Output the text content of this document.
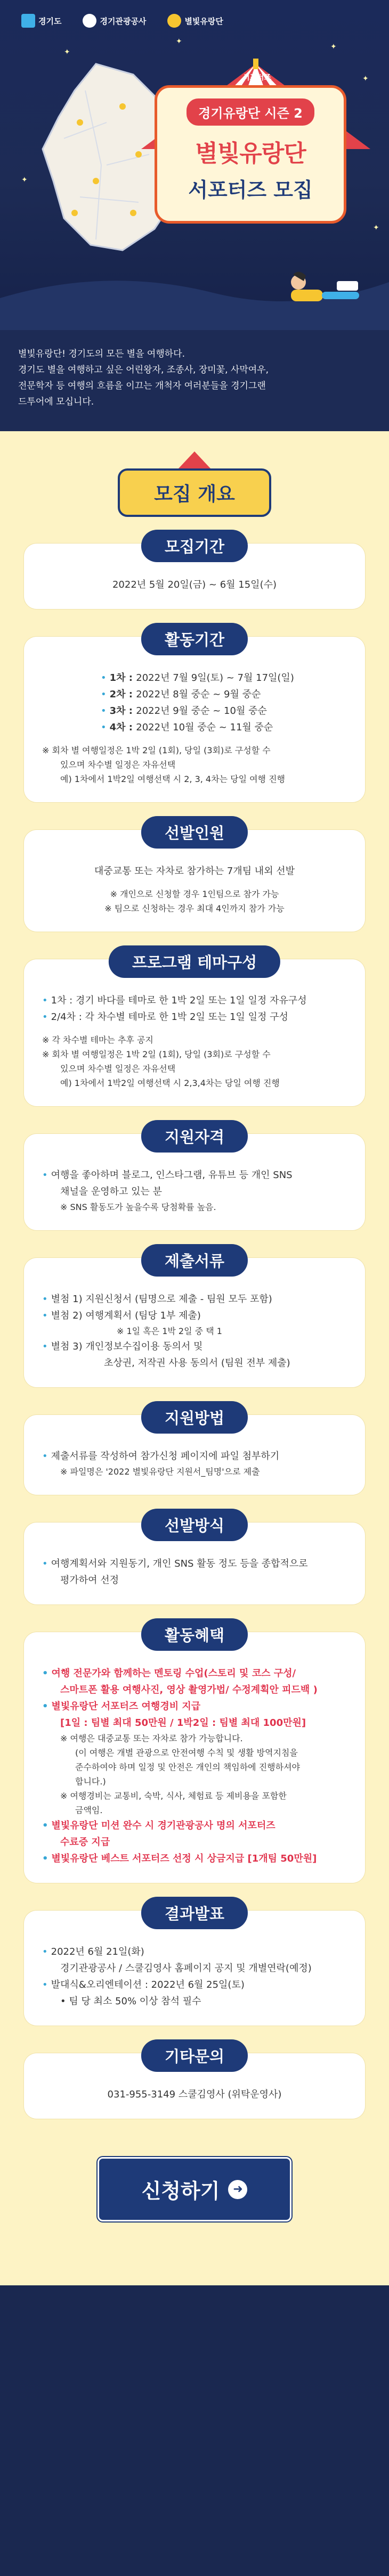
경기도	경기관광공사	별빛유랑단
✦
✦
✦
✦
✦
✦
서포터즈
경기유랑단 시즌 2
별빛유랑단
서포터즈 모집
별빛유랑단! 경기도의 모든 별을 여행하다.
경기도 별을 여행하고 싶은 어린왕자, 조종사, 장미꽃, 사막여우,
전문학자 등 여행의 흐름을 이끄는 개척자 여러분들을 경기그랜
드투어에 모십니다.
모집 개요
모집기간
2022년 5월 20일(금) ~ 6월 15일(수)
활동기간
• 1차 : 2022년 7월 9일(토) ~ 7월 17일(일)
• 2차 : 2022년 8월 중순 ~ 9월 중순
• 3차 : 2022년 9월 중순 ~ 10월 중순
• 4차 : 2022년 10월 중순 ~ 11월 중순
※ 회차 별 여행일정은 1박 2일 (1회), 당일 (3회)로 구성할 수
있으며 차수별 일정은 자유선택
예) 1차에서 1박2일 여행선택 시 2, 3, 4차는 당일 여행 진행
선발인원
대중교통 또는 자차로 참가하는 7개팀 내외 선발
※ 개인으로 신청할 경우 1인팀으로 참가 가능
※ 팀으로 신청하는 경우 최대 4인까지 참가 가능
프로그램 테마구성
• 1차 : 경기 바다를 테마로 한 1박 2일 또는 1일 일정 자유구성
• 2/4차 : 각 차수별 테마로 한 1박 2일 또는 1일 일정 구성
※ 각 차수별 테마는 추후 공지
※ 회차 별 여행일정은 1박 2일 (1회), 당일 (3회)로 구성할 수
있으며 차수별 일정은 자유선택
예) 1차에서 1박2일 여행선택 시 2,3,4차는 당일 여행 진행
지원자격
• 여행을 좋아하며 블로그, 인스타그램, 유튜브 등 개인 SNS
채널을 운영하고 있는 분
※ SNS 활동도가 높을수록 당첨확률 높음.
제출서류
• 별첨 1) 지원신청서 (팀명으로 제출 - 팀원 모두 포함)
• 별첨 2) 여행계획서 (팀당 1부 제출)
※ 1일 혹은 1박 2일 중 택 1
• 별첨 3) 개인정보수집이용 동의서 및
초상권, 저작권 사용 동의서 (팀원 전부 제출)
지원방법
• 제출서류를 작성하여 참가신청 페이지에 파일 첨부하기
※ 파일명은 '2022 별빛유랑단 지원서_팀명'으로 제출
선발방식
• 여행계획서와 지원동기, 개인 SNS 활동 정도 등을 종합적으로
평가하여 선정
활동혜택
• 여행 전문가와 함께하는 멘토링 수업(스토리 및 코스 구성/
스마트폰 활용 여행사진, 영상 촬영가법/ 수정계획안 피드백 )
• 별빛유랑단 서포터즈 여행경비 지급
[1일 : 팀별 최대 50만원 / 1박2일 : 팀별 최대 100만원]
※ 여행은 대중교통 또는 자차로 참가 가능합니다.
(이 여행은 개별 관광으로 안전여행 수칙 및 생활 방역지침을
준수하여야 하며 일정 및 안전은 개인의 책임하에 진행하셔야
합니다.)
※ 여행경비는 교통비, 숙박, 식사, 체험료 등 제비용을 포함한
금액임.
• 별빛유랑단 미션 완수 시 경기관광공사 명의 서포터즈
수료증 지급
• 별빛유랑단 베스트 서포터즈 선정 시 상금지급 [1개팀 50만원]
결과발표
• 2022년 6월 21일(화)
경기관광공사 / 스쿨김영사 홈페이지 공지 및 개별연락(예정)
• 발대식&오리엔테이션 : 2022년 6월 25일(토)
• 팀 당 최소 50% 이상 참석 필수
기타문의
031-955-3149 스쿨김영사 (위탁운영사)
신청하기	➜
